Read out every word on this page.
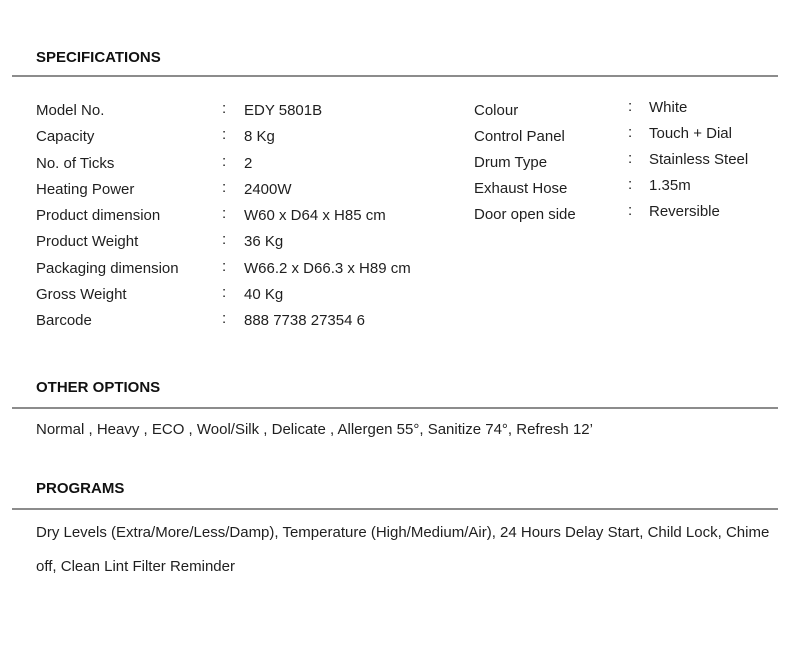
SPECIFICATIONS
Model No.	: EDY 5801B
Capacity	: 8 Kg
No. of Ticks	: 2
Heating Power	: 2400W
Product dimension	: W60 x D64 x H85 cm
Product Weight	: 36 Kg
Packaging dimension	: W66.2 x D66.3 x H89 cm
Gross Weight	: 40 Kg
Barcode	: 888 7738 27354 6
Colour	: White
Control Panel	: Touch + Dial
Drum Type	: Stainless Steel
Exhaust Hose	: 1.35m
Door open side	: Reversible
OTHER OPTIONS
Normal , Heavy , ECO , Wool/Silk , Delicate , Allergen 55°, Sanitize 74°, Refresh 12’
PROGRAMS
Dry Levels (Extra/More/Less/Damp), Temperature (High/Medium/Air), 24 Hours Delay Start, Child Lock, Chime off, Clean Lint Filter Reminder
